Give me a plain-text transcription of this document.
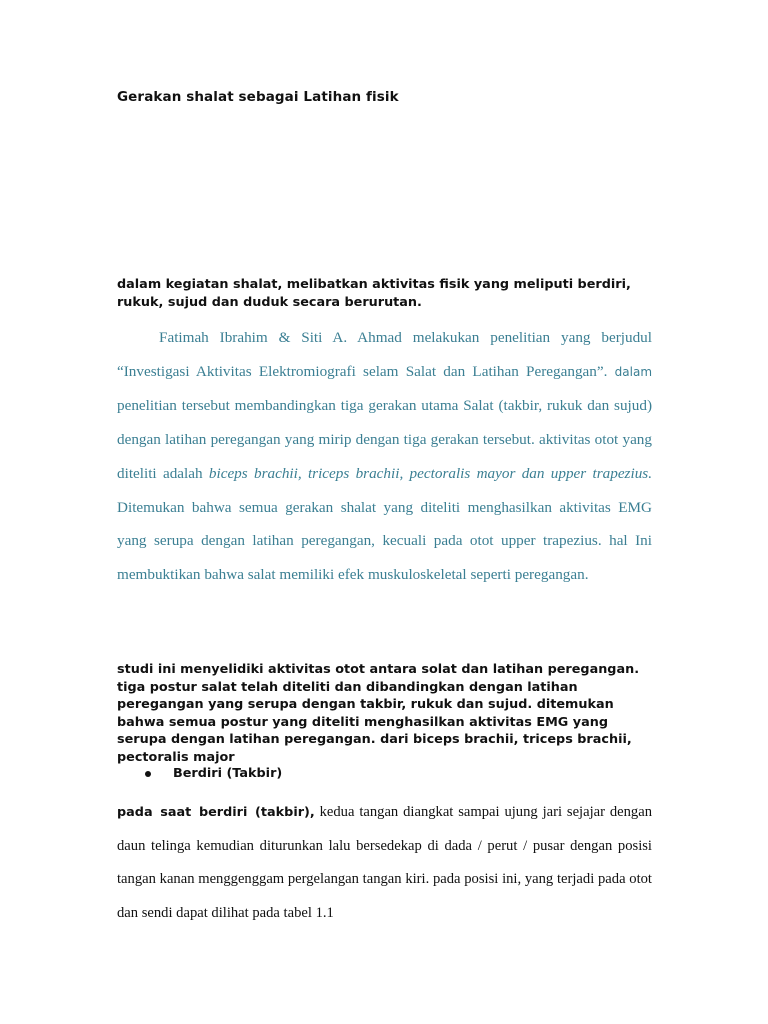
Gerakan shalat sebagai Latihan fisik
dalam kegiatan shalat, melibatkan aktivitas fisik yang meliputi berdiri, rukuk, sujud dan duduk secara berurutan.
Fatimah Ibrahim & Siti A. Ahmad melakukan penelitian yang berjudul “Investigasi Aktivitas Elektromiografi selam Salat dan Latihan Peregangan”. dalam penelitian tersebut membandingkan tiga gerakan utama Salat (takbir, rukuk dan sujud) dengan latihan peregangan yang mirip dengan tiga gerakan tersebut. aktivitas otot yang diteliti adalah biceps brachii, triceps brachii, pectoralis mayor dan upper trapezius. Ditemukan bahwa semua gerakan shalat yang diteliti menghasilkan aktivitas EMG yang serupa dengan latihan peregangan, kecuali pada otot upper trapezius. hal Ini membuktikan bahwa salat memiliki efek muskuloskeletal seperti peregangan.
studi ini menyelidiki aktivitas otot antara solat dan latihan peregangan. tiga postur salat telah diteliti dan dibandingkan dengan latihan peregangan yang serupa dengan takbir, rukuk dan sujud. ditemukan bahwa semua postur yang diteliti menghasilkan aktivitas EMG yang serupa dengan latihan peregangan. dari biceps brachii, triceps brachii, pectoralis major
Berdiri (Takbir)
pada saat berdiri (takbir), kedua tangan diangkat sampai ujung jari sejajar dengan daun telinga kemudian diturunkan lalu bersedekap di dada / perut / pusar dengan posisi tangan kanan menggenggam pergelangan tangan kiri. pada posisi ini, yang terjadi pada otot dan sendi dapat dilihat pada tabel 1.1
